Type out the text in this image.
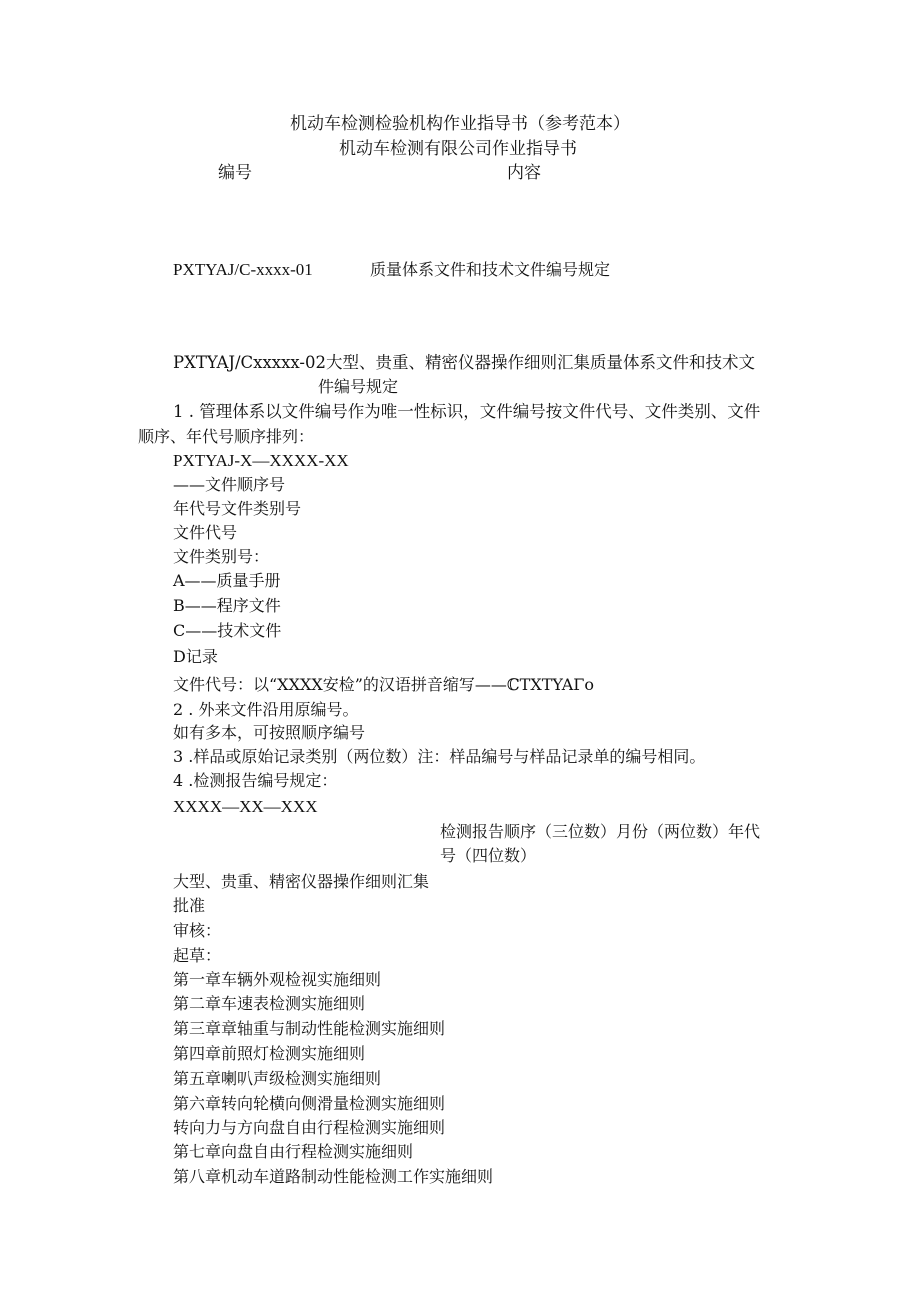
机动车检测检验机构作业指导书（参考范本）
机动车检测有限公司作业指导书
编号	内容
PXTYAJ/C-xxxx-01	质量体系文件和技术文件编号规定
PXTYAJ/Cxxxxx-02大型、贵重、精密仪器操作细则汇集质量体系文件和技术文
件编号规定
1 . 管理体系以文件编号作为唯一性标识，文件编号按文件代号、文件类别、文件
顺序、年代号顺序排列：
PXTYAJ-X—XXXX-XX
——文件顺序号
年代号文件类别号
文件代号
文件类别号：
A——质量手册
B——程序文件
C——技术文件
D记录
文件代号：以“XXXX安检”的汉语拼音缩写——ℂTXTYAΓo
2 . 外来文件沿用原编号。
如有多本，可按照顺序编号
3 .样品或原始记录类别（两位数）注：样品编号与样品记录单的编号相同。
4 .检测报告编号规定：
XXXX—XX—XXX
检测报告顺序（三位数）月份（两位数）年代
号（四位数）
大型、贵重、精密仪器操作细则汇集
批准
审核：
起草：
第一章车辆外观检视实施细则
第二章车速表检测实施细则
第三章章轴重与制动性能检测实施细则
第四章前照灯检测实施细则
第五章喇叭声级检测实施细则
第六章转向轮横向侧滑量检测实施细则
转向力与方向盘自由行程检测实施细则
第七章向盘自由行程检测实施细则
第八章机动车道路制动性能检测工作实施细则
